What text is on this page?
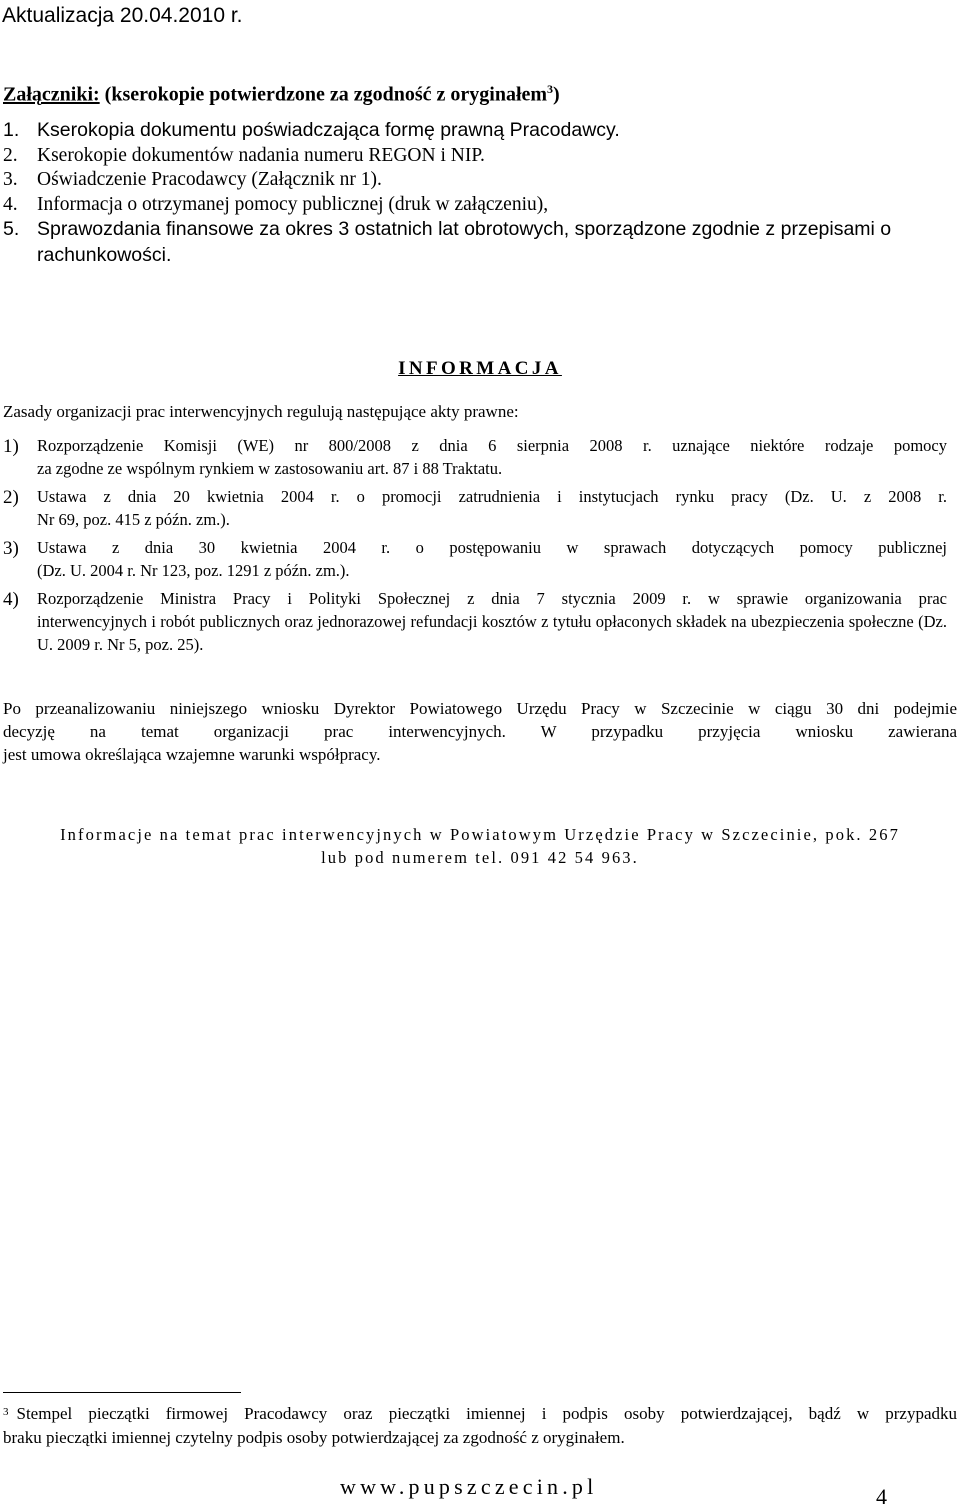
Aktualizacja 20.04.2010 r.
Załączniki: (kserokopie potwierdzone za zgodność z oryginałem$^3$)
1. Kserokopia dokumentu poświadczająca formę prawną Pracodawcy.
2. Kserokopie dokumentów nadania numeru REGON i NIP.
3. Oświadczenie Pracodawcy (Załącznik nr 1).
4. Informacja o otrzymanej pomocy publicznej (druk w załączeniu),
5. Sprawozdania finansowe za okres 3 ostatnich lat obrotowych, sporządzone zgodnie z przepisami o rachunkowości.
INFORMACJA
Zasady organizacji prac interwencyjnych regulują następujące akty prawne:
1) Rozporządzenie Komisji (WE) nr 800/2008 z dnia 6 sierpnia 2008 r. uznające niektóre rodzaje pomocy
za zgodne ze wspólnym rynkiem w zastosowaniu art. 87 i 88 Traktatu.
2) Ustawa z dnia 20 kwietnia 2004 r. o promocji zatrudnienia i instytucjach rynku pracy (Dz. U. z 2008 r.
Nr 69, poz. 415 z późn. zm.).
3) Ustawa z dnia 30 kwietnia 2004 r. o postępowaniu w sprawach dotyczących pomocy publicznej
(Dz. U. 2004 r. Nr 123, poz. 1291 z późn. zm.).
4) Rozporządzenie Ministra Pracy i Polityki Społecznej z dnia 7 stycznia 2009 r. w sprawie organizowania prac
interwencyjnych i robót publicznych oraz jednorazowej refundacji kosztów z tytułu opłaconych składek na ubezpieczenia społeczne (Dz. U. 2009 r. Nr 5, poz. 25).
Po przeanalizowaniu niniejszego wniosku Dyrektor Powiatowego Urzędu Pracy w Szczecinie w ciągu 30 dni podejmie
decyzję na temat organizacji prac interwencyjnych. W przypadku przyjęcia wniosku zawierana
jest umowa określająca wzajemne warunki współpracy.
Informacje na temat prac interwencyjnych w Powiatowym Urzędzie Pracy w Szczecinie, pok. 267
lub pod numerem tel. 091 42 54 963.
$^3$ Stempel pieczątki firmowej Pracodawcy oraz pieczątki imiennej i podpis osoby potwierdzającej, bądź w przypadku
braku pieczątki imiennej czytelny podpis osoby potwierdzającej za zgodność z oryginałem.
www.pupszczecin.pl	4
